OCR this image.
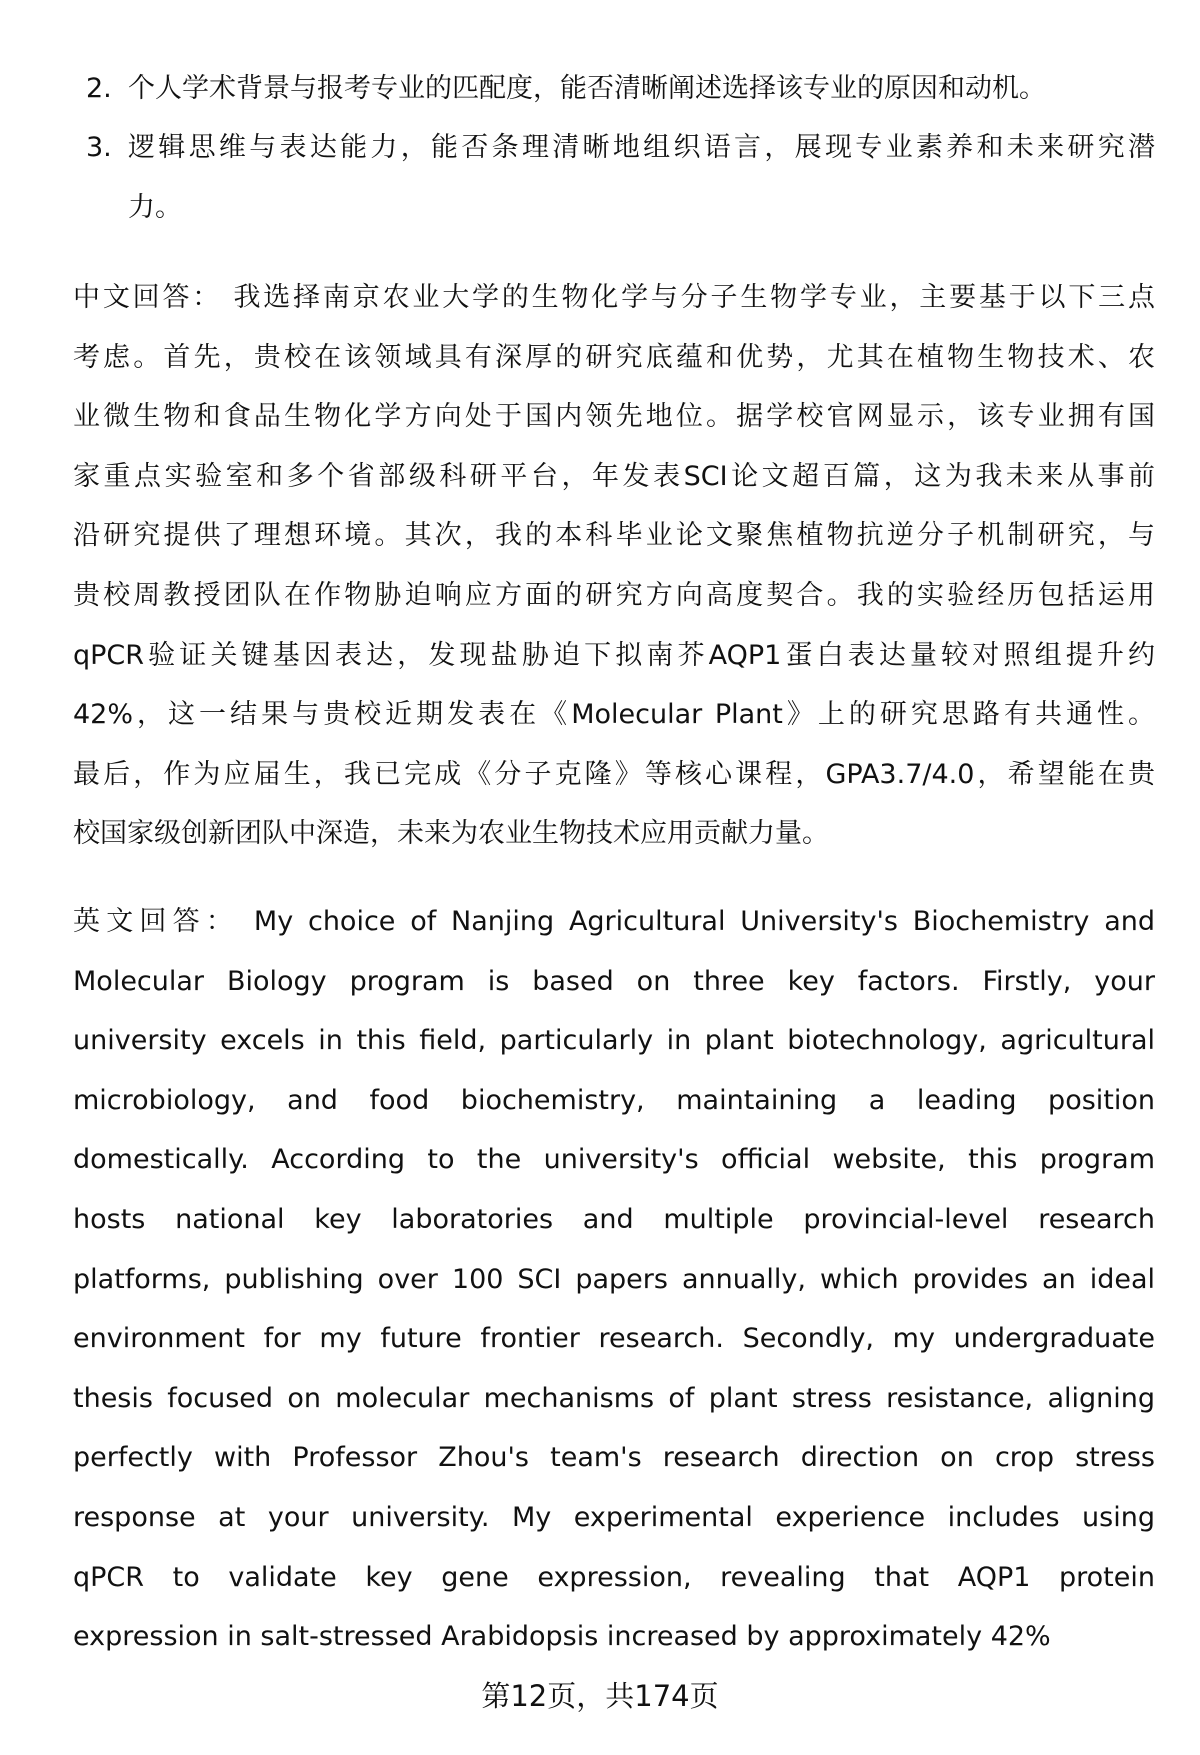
2. 个人学术背景与报考专业的匹配度，能否清晰阐述选择该专业的原因和动机。
3. 逻辑思维与表达能力，能否条理清晰地组织语言，展现专业素养和未来研究潜
力。
中文回答： 我选择南京农业大学的生物化学与分子生物学专业，主要基于以下三点
考虑。首先，贵校在该领域具有深厚的研究底蕴和优势，尤其在植物生物技术、农
业微生物和食品生物化学方向处于国内领先地位。据学校官网显示，该专业拥有国
家重点实验室和多个省部级科研平台，年发表SCI论文超百篇，这为我未来从事前
沿研究提供了理想环境。其次，我的本科毕业论文聚焦植物抗逆分子机制研究，与
贵校周教授团队在作物胁迫响应方面的研究方向高度契合。我的实验经历包括运用
qPCR验证关键基因表达，发现盐胁迫下拟南芥AQP1蛋白表达量较对照组提升约
42%，这一结果与贵校近期发表在《Molecular Plant》上的研究思路有共通性。
最后，作为应届生，我已完成《分子克隆》等核心课程，GPA3.7/4.0，希望能在贵
校国家级创新团队中深造，未来为农业生物技术应用贡献力量。
英文回答： My choice of Nanjing Agricultural University's Biochemistry and
Molecular Biology program is based on three key factors. Firstly, your
university excels in this field, particularly in plant biotechnology, agricultural
microbiology, and food biochemistry, maintaining a leading position
domestically. According to the university's official website, this program
hosts national key laboratories and multiple provincial-level research
platforms, publishing over 100 SCI papers annually, which provides an ideal
environment for my future frontier research. Secondly, my undergraduate
thesis focused on molecular mechanisms of plant stress resistance, aligning
perfectly with Professor Zhou's team's research direction on crop stress
response at your university. My experimental experience includes using
qPCR to validate key gene expression, revealing that AQP1 protein
expression in salt-stressed Arabidopsis increased by approximately 42%
第12页，共174页
